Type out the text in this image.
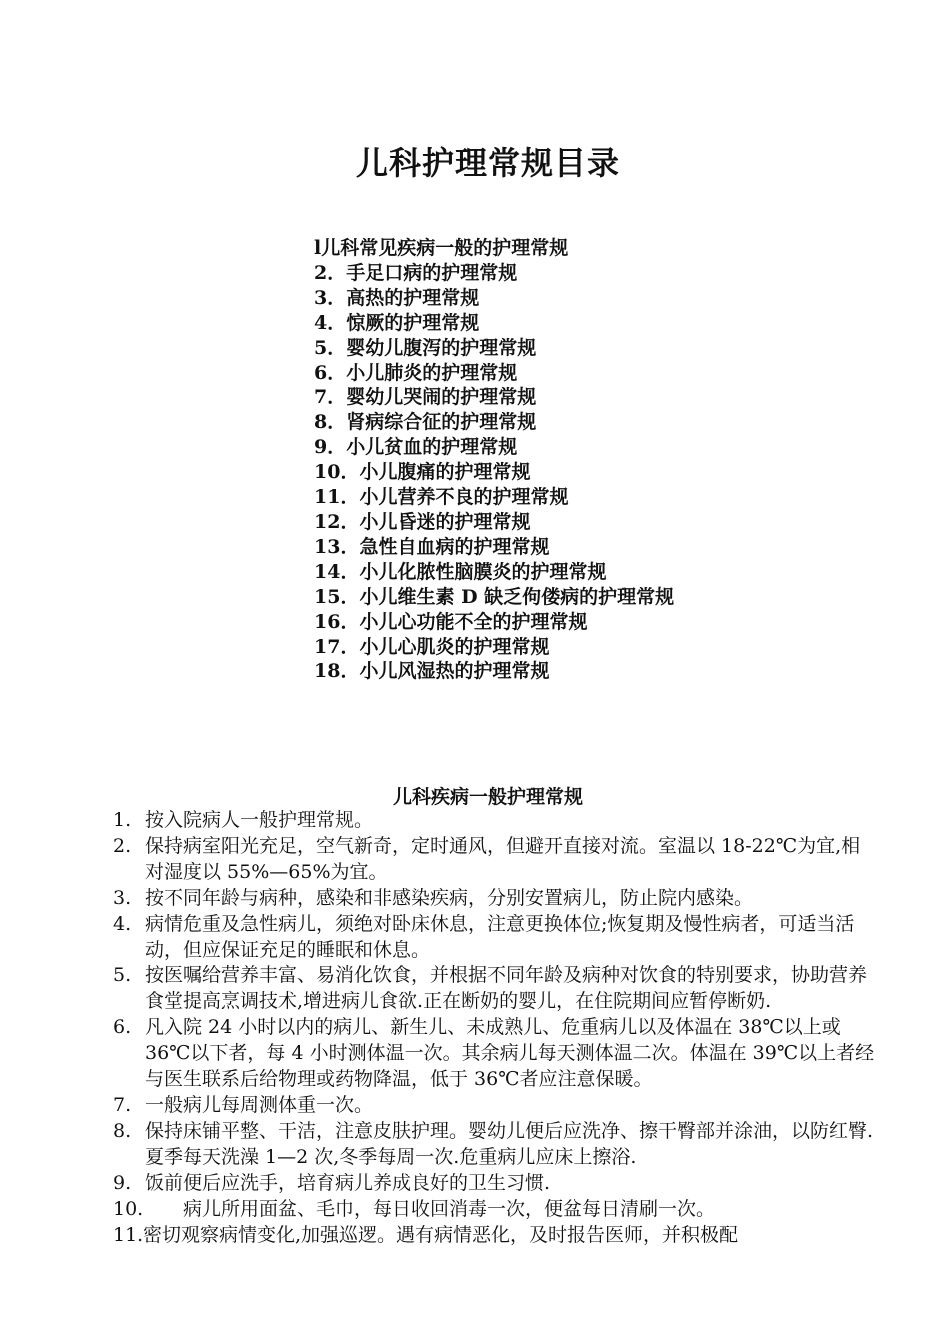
儿科护理常规目录
l儿科常见疾病一般的护理常规
2．手足口病的护理常规
3．高热的护理常规
4．惊厥的护理常规
5．婴幼儿腹泻的护理常规
6．小儿肺炎的护理常规
7．婴幼儿哭闹的护理常规
8．肾病综合征的护理常规
9．小儿贫血的护理常规
10．小儿腹痛的护理常规
11．小儿营养不良的护理常规
12．小儿昏迷的护理常规
13．急性自血病的护理常规
14．小儿化脓性脑膜炎的护理常规
15．小儿维生素 D 缺乏佝偻病的护理常规
16．小儿心功能不全的护理常规
17．小儿心肌炎的护理常规
18．小儿风湿热的护理常规
儿科疾病一般护理常规
1. 按入院病人一般护理常规。
2. 保持病室阳光充足，空气新奇，定时通风，但避开直接对流。室温以 18-22℃为宜,相对湿度以 55%—65%为宜。
3. 按不同年龄与病种，感染和非感染疾病，分别安置病儿，防止院内感染。
4. 病情危重及急性病儿，须绝对卧床休息，注意更换体位;恢复期及慢性病者，可适当活动，但应保证充足的睡眠和休息。
5. 按医嘱给营养丰富、易消化饮食，并根据不同年龄及病种对饮食的特别要求，协助营养食堂提高烹调技术,增进病儿食欲.正在断奶的婴儿，在住院期间应暂停断奶.
6. 凡入院 24 小时以内的病儿、新生儿、未成熟儿、危重病儿以及体温在 38℃以上或 36℃以下者，每 4 小时测体温一次。其余病儿每天测体温二次。体温在 39℃以上者经与医生联系后给物理或药物降温，低于 36℃者应注意保暖。
7. 一般病儿每周测体重一次。
8. 保持床铺平整、干洁，注意皮肤护理。婴幼儿便后应洗净、擦干臀部并涂油，以防红臀.夏季每天洗澡 1—2 次,冬季每周一次.危重病儿应床上擦浴.
9. 饭前便后应洗手，培育病儿养成良好的卫生习惯.
10. 病儿所用面盆、毛巾，每日收回消毒一次，便盆每日清刷一次。
11. 密切观察病情变化,加强巡逻。遇有病情恶化，及时报告医师，并积极配
